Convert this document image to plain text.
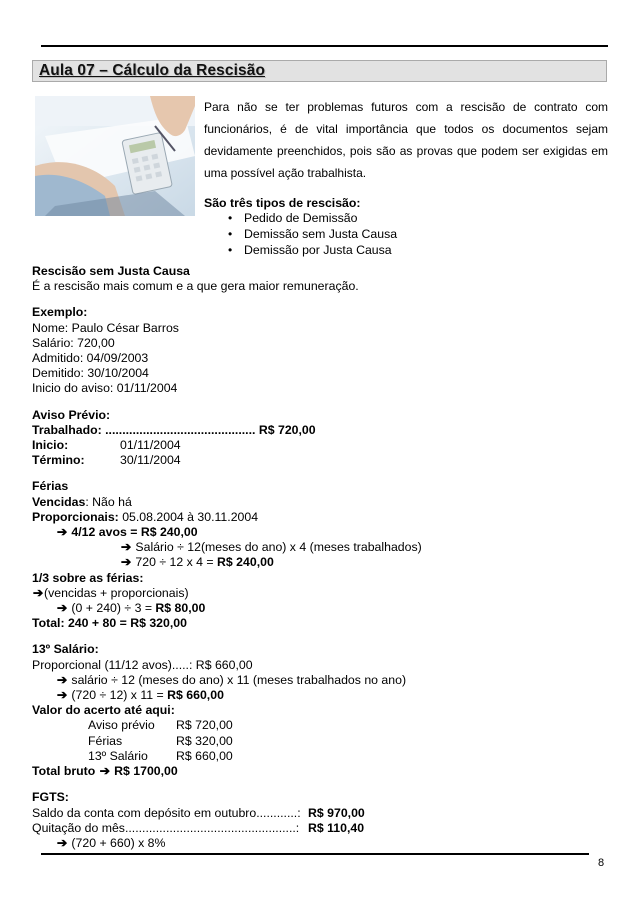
Aula 07 – Cálculo da Rescisão
Para não se ter problemas futuros com a rescisão de contrato com funcionários, é de vital importância que todos os documentos sejam devidamente preenchidos, pois são as provas que podem ser exigidas em uma possível ação trabalhista.
São três tipos de rescisão:
• Pedido de Demissão
• Demissão sem Justa Causa
• Demissão por Justa Causa
Rescisão sem Justa Causa
É a rescisão mais comum e a que gera maior remuneração.
Exemplo:
Nome: Paulo César Barros
Salário: 720,00
Admitido: 04/09/2003
Demitido: 30/10/2004
Inicio do aviso: 01/11/2004
Aviso Prévio:
Trabalhado: ............................................ R$ 720,00
Inicio:	01/11/2004
Término:	30/11/2004
Férias
Vencidas: Não há
Proporcionais: 05.08.2004 à 30.11.2004
➔ 4/12 avos = R$ 240,00
➔ Salário ÷ 12(meses do ano) x 4 (meses trabalhados)
➔ 720 ÷ 12 x 4 = R$ 240,00
1/3 sobre as férias:
➔(vencidas + proporcionais)
➔ (0 + 240) ÷ 3 = R$ 80,00
Total: 240 + 80 = R$ 320,00
13º Salário:
Proporcional (11/12 avos).....: R$ 660,00
➔ salário ÷ 12 (meses do ano) x 11 (meses trabalhados no ano)
➔ (720 ÷ 12) x 11 = R$ 660,00
Valor do acerto até aqui:
Aviso prévio R$ 720,00
Férias	R$ 320,00
13º Salário R$ 660,00
Total bruto ➔ R$ 1700,00
FGTS:
Saldo da conta com depósito em outubro............: R$ 970,00
Quitação do mês..................................................: R$ 110,40
➔ (720 + 660) x 8%
8
